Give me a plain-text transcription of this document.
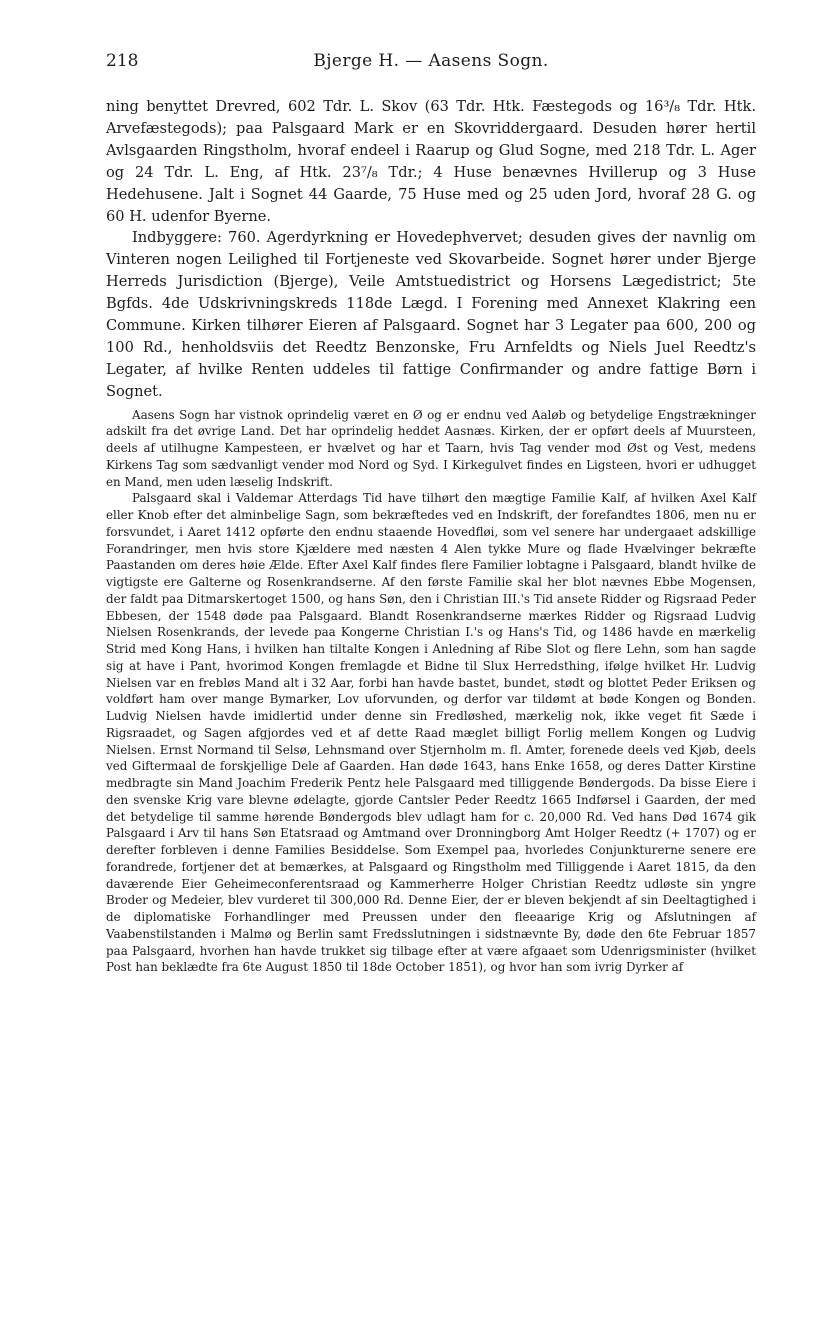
218	Bjerge H. — Aasens Sogn.

ning benyttet Drevred, 602 Tdr. L. Skov (63 Tdr. Htk. Fæstegods og 16³/₈ Tdr. Htk. Arvefæstegods); paa Palsgaard Mark er en Skovriddergaard. Desuden hører hertil Avlsgaarden Ringstholm, hvoraf endeel i Raarup og Glud Sogne, med 218 Tdr. L. Ager og 24 Tdr. L. Eng, af Htk. 23⁷/₈ Tdr.; 4 Huse benævnes Hvillerup og 3 Huse Hedehusene. Jalt i Sognet 44 Gaarde, 75 Huse med og 25 uden Jord, hvoraf 28 G. og 60 H. udenfor Byerne.

Indbyggere: 760. Agerdyrkning er Hovedерhvervet; desuden gives der navnlig om Vinteren nogen Leilighed til Fortjeneste ved Skovarbeide. Sognet hører under Bjerge Herreds Jurisdiction (Bjerge), Veile Amtstuedistrict og Horsens Lægedistrict; 5te Bgfds. 4de Udskrivningskreds 118de Lægd. I Forening med Annexet Klakring een Commune. Kirken tilhører Eieren af Palsgaard. Sognet har 3 Legater paa 600, 200 og 100 Rd., henholdsviis det Reedtz Benzonske, Fru Arnfeldts og Niels Juel Reedtz's Legater, af hvilke Renten uddeles til fattige Confirmander og andre fattige Børn i Sognet.

Aasens Sogn har vistnok oprindelig været en Ø og er endnu ved Aaløb og betydelige Engstrækninger adskilt fra det øvrige Land. Det har oprindelig heddet Aasnæs. Kirken, der er opført deels af Muursteen, deels af utilhugne Kampesteen, er hvælvet og har et Taarn, hvis Tag vender mod Øst og Vest, medens Kirkens Tag som sædvanligt vender mod Nord og Syd. I Kirkegulvet findes en Ligsteen, hvori er udhugget en Mand, men uden læselig Indskrift.

Palsgaard skal i Valdemar Atterdags Tid have tilhørt den mægtige Familie Kalf, af hvilken Axel Kalf eller Knob efter det alminbelige Sagn, som bekræftedes ved en Indskrift, der forefandtes 1806, men nu er forsvundet, i Aaret 1412 opførte den endnu staaende Hovedfløi, som vel senere har undergaaet adskillige Forandringer, men hvis store Kjældere med næsten 4 Alen tykke Mure og flade Hvælvinger bekræfte Paastanden om deres høie Ælde. Efter Axel Kalf findes flere Familier lobtagne i Palsgaard, blandt hvilke de vigtigste ere Galterne og Rosenkrandserne. Af den første Familie skal her blot nævnes Ebbe Mogensen, der faldt paa Ditmarskertoget 1500, og hans Søn, den i Christian III.'s Tid ansete Ridder og Rigsraad Peder Ebbesen, der 1548 døde paa Palsgaard. Blandt Rosenkrandserne mærkes Ridder og Rigsraad Ludvig Nielsen Rosenkrands, der levede paa Kongerne Christian I.'s og Hans's Tid, og 1486 havde en mærkelig Strid med Kong Hans, i hvilken han tiltalte Kongen i Anledning af Ribe Slot og flere Lehn, som han sagde sig at have i Pant, hvorimod Kongen fremlagde et Bidne til Slux Herredsthing, ifølge hvilket Hr. Ludvig Nielsen var en frebløs Mand alt i 32 Aar, forbi han havde bastet, bundet, stødt og blottet Peder Eriksen og voldført ham over mange Bymarker, Lov uforvunden, og derfor var tildømt at bøde Kongen og Bonden. Ludvig Nielsen havde imidlertid under denne sin Fredløshed, mærkelig nok, ikke veget fit Sæde i Rigsraadet, og Sagen afgjordes ved et af dette Raad mæglet billigt Forlig mellem Kongen og Ludvig Nielsen. Ernst Normand til Selsø, Lehnsmand over Stjernholm m. fl. Amter, forenede deels ved Kjøb, deels ved Giftermaal de forskjellige Dele af Gaarden. Han døde 1643, hans Enke 1658, og deres Datter Kirstine medbragte sin Mand Joachim Frederik Pentz hele Palsgaard med tilliggende Bøndergods. Da bisse Eiere i den svenske Krig vare blevne ødelagte, gjorde Cantsler Peder Reedtz 1665 Indførsel i Gaarden, der med det betydelige til samme hørende Bøndergods blev udlagt ham for c. 20,000 Rd. Ved hans Død 1674 gik Palsgaard i Arv til hans Søn Etatsraad og Amtmand over Dronningborg Amt Holger Reedtz (+ 1707) og er derefter forbleven i denne Families Besiddelse. Som Exempel paa, hvorledes Conjunkturerne senere ere forandrede, fortjener det at bemærkes, at Palsgaard og Ringstholm med Tilliggende i Aaret 1815, da den daværende Eier Geheimeconferentsraad og Kammerherre Holger Christian Reedtz udløste sin yngre Broder og Medeier, blev vurderet til 300,000 Rd. Denne Eier, der er bleven bekjendt af sin Deeltagtighed i de diplomatiske Forhandlinger med Preussen under den fleeaarige Krig og Afslutningen af Vaabenstilstanden i Malmø og Berlin samt Fredsslutningen i sidstnævnte By, døde den 6te Februar 1857 paa Palsgaard, hvorhen han havde trukket sig tilbage efter at være afgaaet som Udenrigsminister (hvilket Post han beklædte fra 6te August 1850 til 18de October 1851), og hvor han som ivrig Dyrker af
